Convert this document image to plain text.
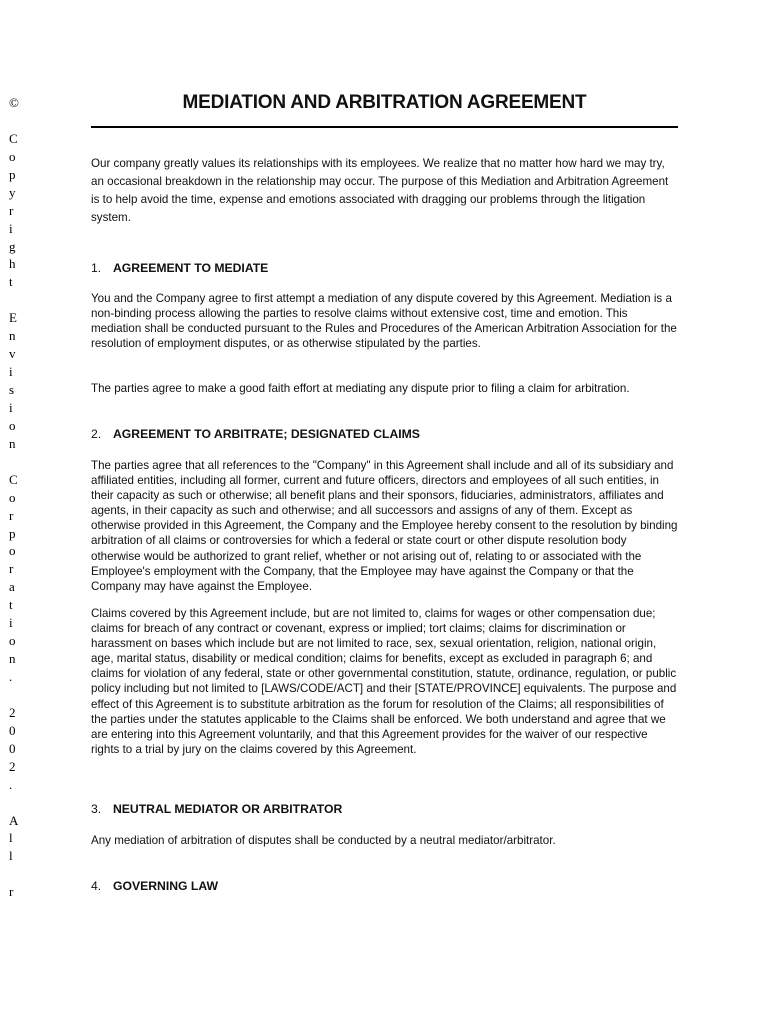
©
C
o
p
y
r
i
g
h
t
E
n
v
i
s
i
o
n
C
o
r
p
o
r
a
t
i
o
n
.
2
0
0
2
.
A
l
l
r
MEDIATION AND ARBITRATION AGREEMENT

Our company greatly values its relationships with its employees. We realize that no matter how hard we may try, an occasional breakdown in the relationship may occur. The purpose of this Mediation and Arbitration Agreement is to help avoid the time, expense and emotions associated with dragging our problems through the litigation system.

1. AGREEMENT TO MEDIATE

You and the Company agree to first attempt a mediation of any dispute covered by this Agreement. Mediation is a non-binding process allowing the parties to resolve claims without extensive cost, time and emotion. This mediation shall be conducted pursuant to the Rules and Procedures of the American Arbitration Association for the resolution of employment disputes, or as otherwise stipulated by the parties.

The parties agree to make a good faith effort at mediating any dispute prior to filing a claim for arbitration.

2. AGREEMENT TO ARBITRATE; DESIGNATED CLAIMS

The parties agree that all references to the "Company" in this Agreement shall include and all of its subsidiary and affiliated entities, including all former, current and future officers, directors and employees of all such entities, in their capacity as such or otherwise; all benefit plans and their sponsors, fiduciaries, administrators, affiliates and agents, in their capacity as such and otherwise; and all successors and assigns of any of them. Except as otherwise provided in this Agreement, the Company and the Employee hereby consent to the resolution by binding arbitration of all claims or controversies for which a federal or state court or other dispute resolution body otherwise would be authorized to grant relief, whether or not arising out of, relating to or associated with the Employee's employment with the Company, that the Employee may have against the Company or that the Company may have against the Employee.

Claims covered by this Agreement include, but are not limited to, claims for wages or other compensation due; claims for breach of any contract or covenant, express or implied; tort claims; claims for discrimination or harassment on bases which include but are not limited to race, sex, sexual orientation, religion, national origin, age, marital status, disability or medical condition; claims for benefits, except as excluded in paragraph 6; and claims for violation of any federal, state or other governmental constitution, statute, ordinance, regulation, or public policy including but not limited to [LAWS/CODE/ACT] and their [STATE/PROVINCE] equivalents. The purpose and effect of this Agreement is to substitute arbitration as the forum for resolution of the Claims; all responsibilities of the parties under the statutes applicable to the Claims shall be enforced. We both understand and agree that we are entering into this Agreement voluntarily, and that this Agreement provides for the waiver of our respective rights to a trial by jury on the claims covered by this Agreement.

3. NEUTRAL MEDIATOR OR ARBITRATOR

Any mediation of arbitration of disputes shall be conducted by a neutral mediator/arbitrator.

4. GOVERNING LAW
